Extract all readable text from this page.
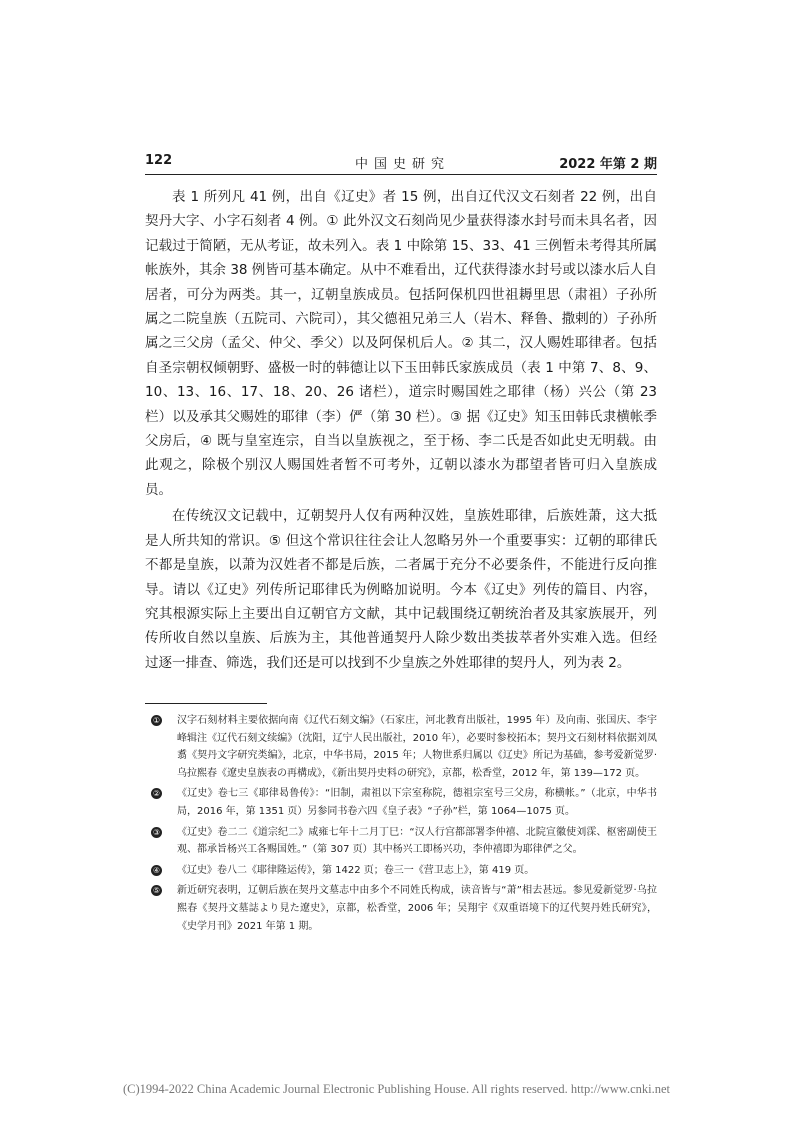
122	中国史研究	2022 年第 2 期

表 1 所列凡 41 例，出自《辽史》者 15 例，出自辽代汉文石刻者 22 例，出自契丹大字、小字石刻者 4 例。① 此外汉文石刻尚见少量获得漆水封号而未具名者，因记载过于简陋，无从考证，故未列入。表 1 中除第 15、33、41 三例暂未考得其所属帐族外，其余 38 例皆可基本确定。从中不难看出，辽代获得漆水封号或以漆水后人自居者，可分为两类。其一，辽朝皇族成员。包括阿保机四世祖耨里思（肃祖）子孙所属之二院皇族（五院司、六院司），其父德祖兄弟三人（岩木、释鲁、撒剌的）子孙所属之三父房（孟父、仲父、季父）以及阿保机后人。② 其二，汉人赐姓耶律者。包括自圣宗朝权倾朝野、盛极一时的韩德让以下玉田韩氏家族成员（表 1 中第 7、8、9、10、13、16、17、18、20、26 诸栏），道宗时赐国姓之耶律（杨）兴公（第 23 栏）以及承其父赐姓的耶律（李）俨（第 30 栏）。③ 据《辽史》知玉田韩氏隶横帐季父房后，④ 既与皇室连宗，自当以皇族视之，至于杨、李二氏是否如此史无明载。由此观之，除极个别汉人赐国姓者暂不可考外，辽朝以漆水为郡望者皆可归入皇族成员。

在传统汉文记载中，辽朝契丹人仅有两种汉姓，皇族姓耶律，后族姓萧，这大抵是人所共知的常识。⑤ 但这个常识往往会让人忽略另外一个重要事实：辽朝的耶律氏不都是皇族，以萧为汉姓者不都是后族，二者属于充分不必要条件，不能进行反向推导。请以《辽史》列传所记耶律氏为例略加说明。今本《辽史》列传的篇目、内容，究其根源实际上主要出自辽朝官方文献，其中记载围绕辽朝统治者及其家族展开，列传所收自然以皇族、后族为主，其他普通契丹人除少数出类拔萃者外实难入选。但经过逐一排查、筛选，我们还是可以找到不少皇族之外姓耶律的契丹人，列为表 2。

① 汉字石刻材料主要依据向南《辽代石刻文编》（石家庄，河北教育出版社，1995 年）及向南、张国庆、李宇峰辑注《辽代石刻文续编》（沈阳，辽宁人民出版社，2010 年），必要时参校拓本；契丹文石刻材料依据刘凤翥《契丹文字研究类编》，北京，中华书局，2015 年；人物世系归属以《辽史》所记为基础，参考爱新觉罗·乌拉熙春《遼史皇族表の再構成》，《新出契丹史料の研究》，京都，松香堂，2012 年，第 139—172 页。
② 《辽史》卷七三《耶律曷鲁传》：“旧制，肃祖以下宗室称院，德祖宗室号三父房，称横帐。”（北京，中华书局，2016 年，第 1351 页）另参同书卷六四《皇子表》“子孙”栏，第 1064—1075 页。
③ 《辽史》卷二二《道宗纪二》咸雍七年十二月丁巳：“汉人行宫都部署李仲禧、北院宣徽使刘霂、枢密副使王观、都承旨杨兴工各赐国姓。”（第 307 页）其中杨兴工即杨兴功，李仲禧即为耶律俨之父。
④ 《辽史》卷八二《耶律隆运传》，第 1422 页；卷三一《营卫志上》，第 419 页。
⑤ 新近研究表明，辽朝后族在契丹文墓志中由多个不同姓氏构成，读音皆与“萧”相去甚远。参见爱新觉罗·乌拉熙春《契丹文墓誌より見た遼史》，京都，松香堂，2006 年；吴翔宇《双重语境下的辽代契丹姓氏研究》，《史学月刊》2021 年第 1 期。
(C)1994-2022 China Academic Journal Electronic Publishing House. All rights reserved. http://www.cnki.net
